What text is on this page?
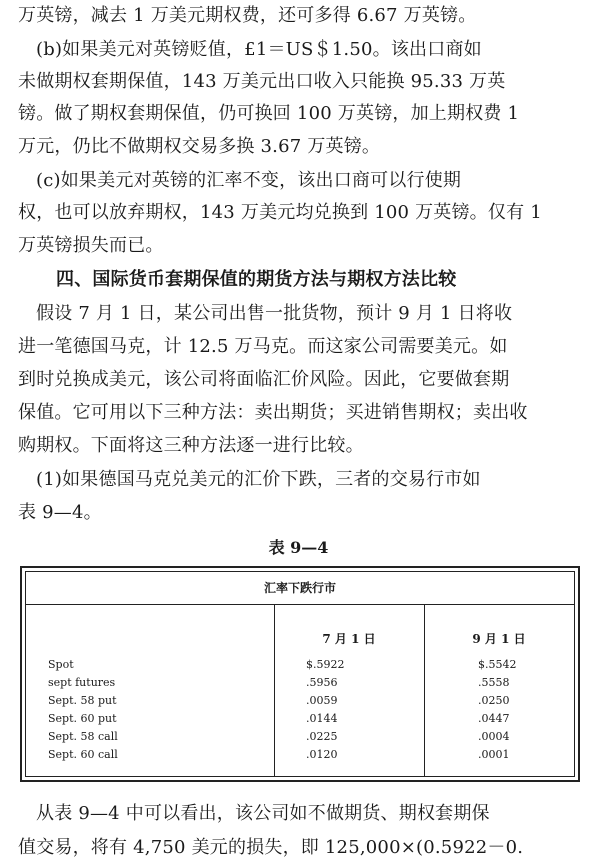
万英镑，减去 1 万美元期权费，还可多得 6.67 万英镑。
(b)如果美元对英镑贬值，£1＝US＄1.50。该出口商如
未做期权套期保值，143 万美元出口收入只能换 95.33 万英
镑。做了期权套期保值，仍可换回 100 万英镑，加上期权费 1
万元，仍比不做期权交易多换 3.67 万英镑。
(c)如果美元对英镑的汇率不变，该出口商可以行使期
权，也可以放弃期权，143 万美元均兑换到 100 万英镑。仅有 1
万英镑损失而已。
四、国际货币套期保值的期货方法与期权方法比较
假设 7 月 1 日，某公司出售一批货物，预计 9 月 1 日将收
进一笔德国马克，计 12.5 万马克。而这家公司需要美元。如
到时兑换成美元，该公司将面临汇价风险。因此，它要做套期
保值。它可用以下三种方法：卖出期货；买进销售期权；卖出收
购期权。下面将这三种方法逐一进行比较。
(1)如果德国马克兑美元的汇价下跌，三者的交易行市如
表 9—4。
表 9—4
汇率下跌行市
7 月 1 日	9 月 1 日
Spot	$.5922	$.5542
sept futures	.5956	.5558
Sept. 58 put	.0059	.0250
Sept. 60 put	.0144	.0447
Sept. 58 call	.0225	.0004
Sept. 60 call	.0120	.0001
从表 9—4 中可以看出，该公司如不做期货、期权套期保
值交易，将有 4,750 美元的损失，即 125,000×(0.5922－0.
